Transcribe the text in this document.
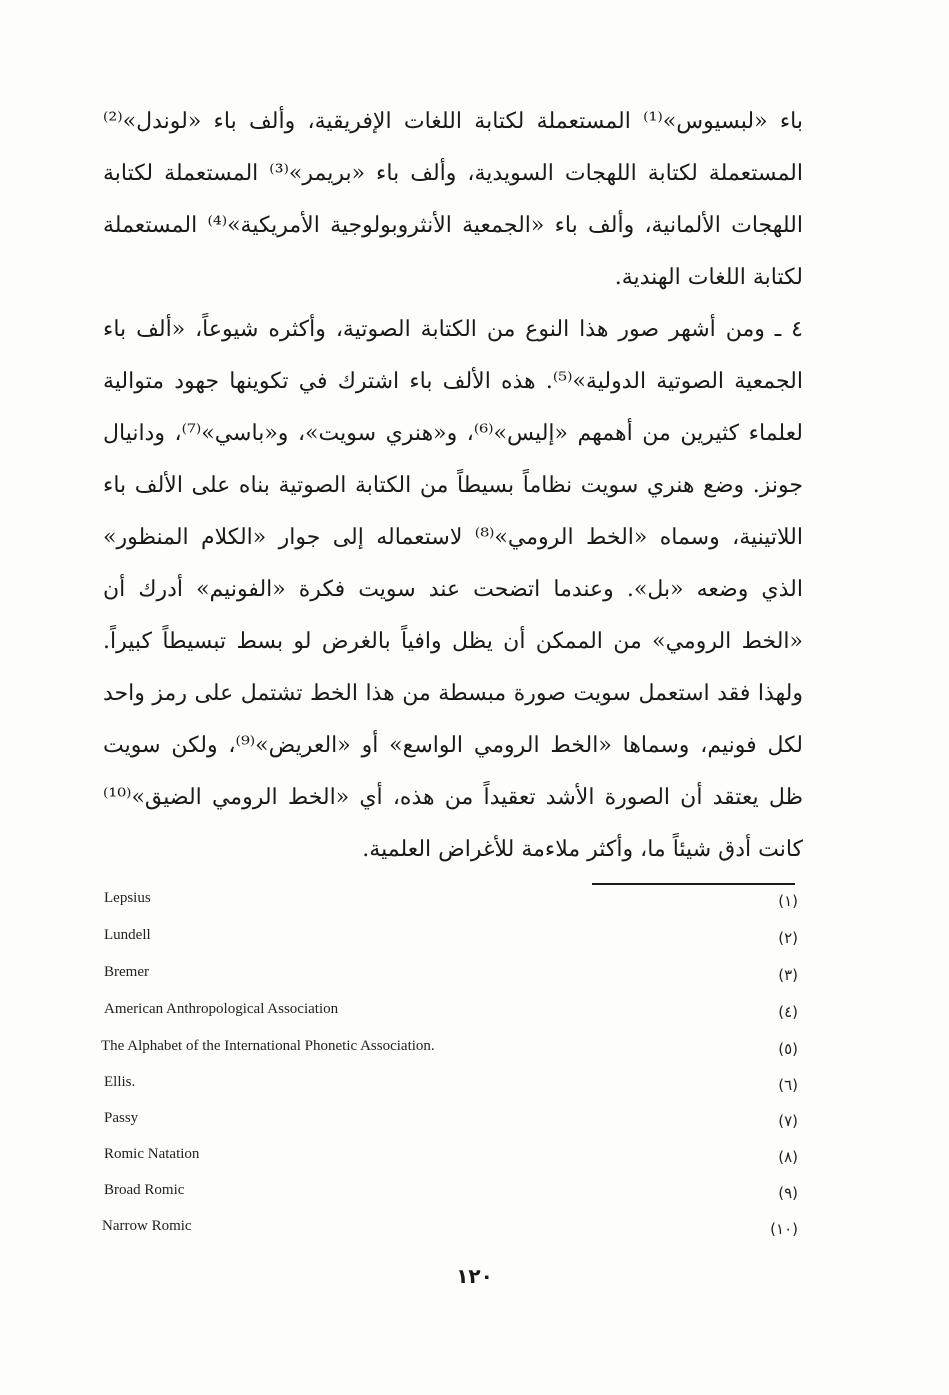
باء «لبسيوس»⁽¹⁾ المستعملة لكتابة اللغات الإفريقية، وألف باء «لوندل»⁽²⁾ المستعملة لكتابة اللهجات السويدية، وألف باء «بريمر»⁽³⁾ المستعملة لكتابة اللهجات الألمانية، وألف باء «الجمعية الأنثروبولوجية الأمريكية»⁽⁴⁾ المستعملة لكتابة اللغات الهندية.

٤ ـ ومن أشهر صور هذا النوع من الكتابة الصوتية، وأكثره شيوعاً، «ألف باء الجمعية الصوتية الدولية»⁽⁵⁾. هذه الألف باء اشترك في تكوينها جهود متوالية لعلماء كثيرين من أهمهم «إليس»⁽⁶⁾، و«هنري سويت»، و«باسي»⁽⁷⁾، ودانيال جونز. وضع هنري سويت نظاماً بسيطاً من الكتابة الصوتية بناه على الألف باء اللاتينية، وسماه «الخط الرومي»⁽⁸⁾ لاستعماله إلى جوار «الكلام المنظور» الذي وضعه «بل». وعندما اتضحت عند سويت فكرة «الفونيم» أدرك أن «الخط الرومي» من الممكن أن يظل وافياً بالغرض لو بسط تبسيطاً كبيراً. ولهذا فقد استعمل سويت صورة مبسطة من هذا الخط تشتمل على رمز واحد لكل فونيم، وسماها «الخط الرومي الواسع» أو «العريض»⁽⁹⁾، ولكن سويت ظل يعتقد أن الصورة الأشد تعقيداً من هذه، أي «الخط الرومي الضيق»⁽¹⁰⁾ كانت أدق شيئاً ما، وأكثر ملاءمة للأغراض العلمية.

Lepsius	(١)
Lundell	(٢)
Bremer	(٣)
American Anthropological Association	(٤)
The Alphabet of the International Phonetic Association.	(٥)
Ellis.	(٦)
Passy	(٧)
Romic Natation	(٨)
Broad Romic	(٩)
Narrow Romic	(١٠)
١٢٠
